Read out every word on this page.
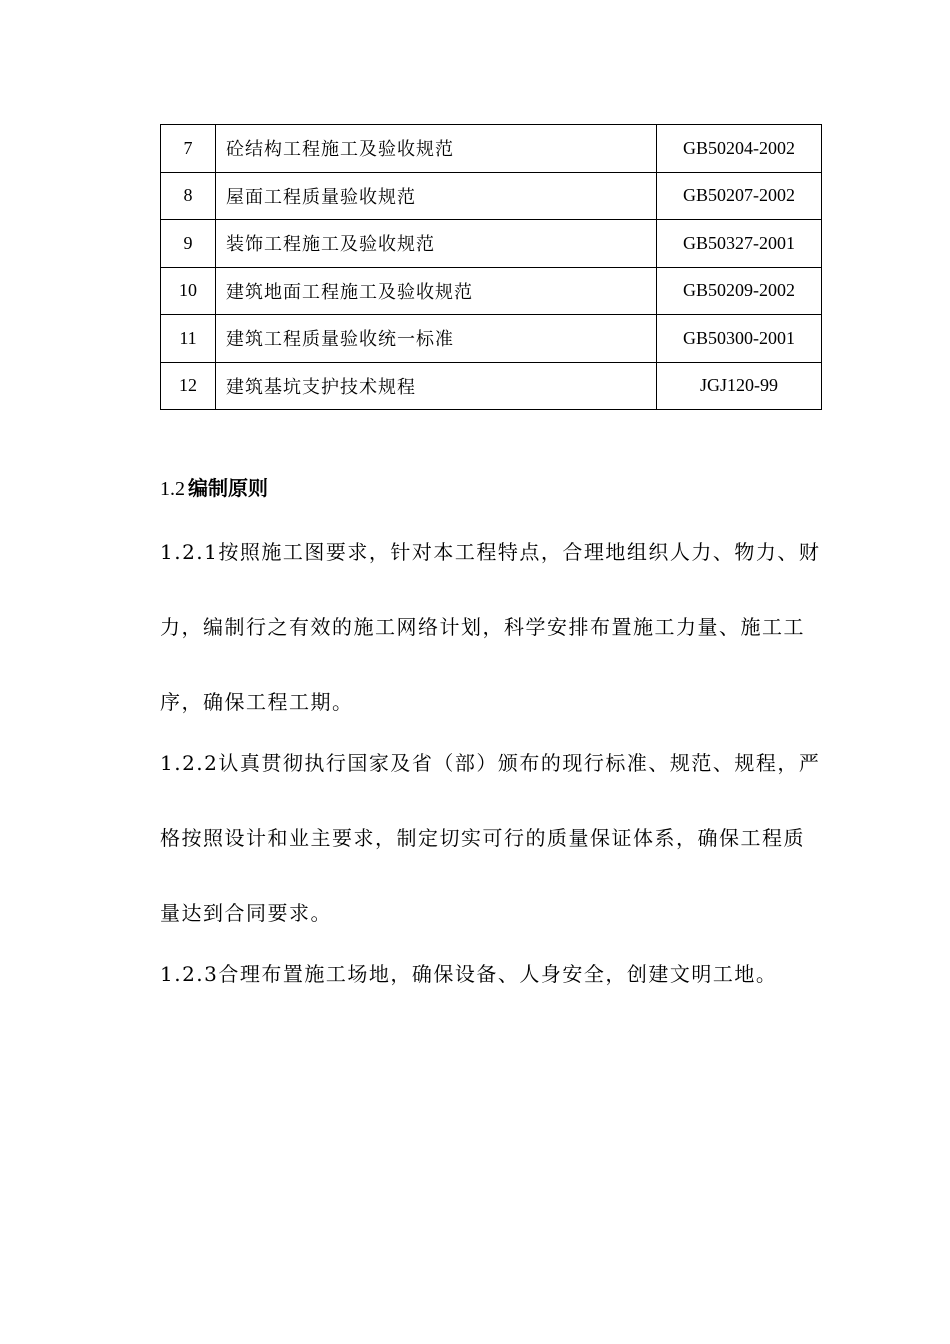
7	砼结构工程施工及验收规范	GB50204-2002
8	屋面工程质量验收规范	GB50207-2002
9	装饰工程施工及验收规范	GB50327-2001
10	建筑地面工程施工及验收规范	GB50209-2002
11	建筑工程质量验收统一标准	GB50300-2001
12	建筑基坑支护技术规程	JGJ120-99
1.2 编制原则

1.2.1按照施工图要求，针对本工程特点，合理地组织人力、物力、财力，编制行之有效的施工网络计划，科学安排布置施工力量、施工工序，确保工程工期。

1.2.2认真贯彻执行国家及省（部）颁布的现行标准、规范、规程，严格按照设计和业主要求，制定切实可行的质量保证体系，确保工程质量达到合同要求。

1.2.3合理布置施工场地，确保设备、人身安全，创建文明工地。
